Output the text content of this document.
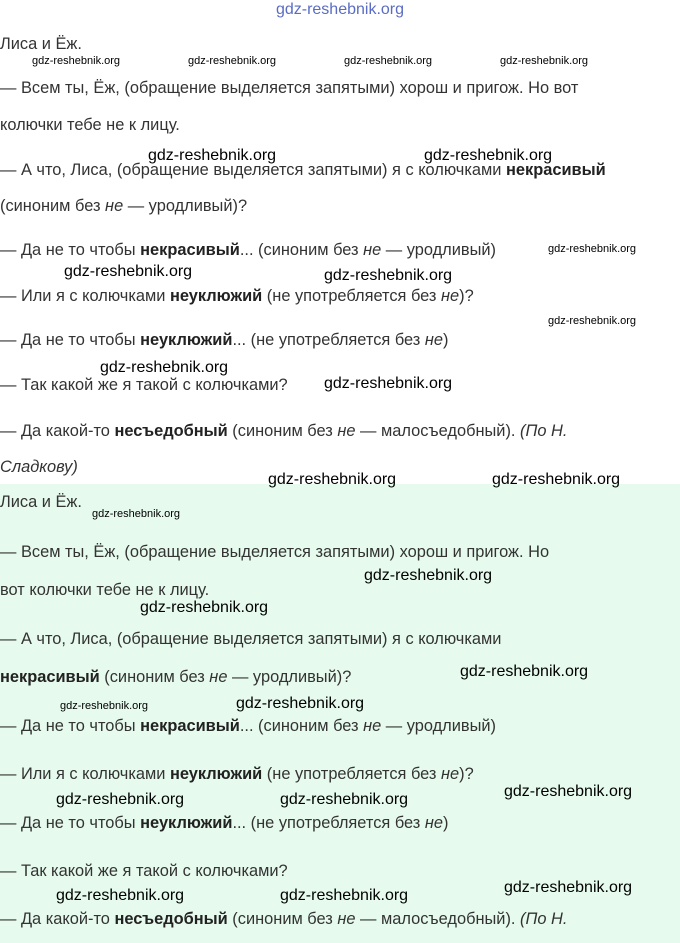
gdz-reshebnik.org
Лиса и Ёж.
— Всем ты, Ёж, (обращение выделяется запятыми) хорош и пригож. Но вот
колючки тебе не к лицу.
— А что, Лиса, (обращение выделяется запятыми) я с колючками некрасивый
(синоним без не — уродливый)?
— Да не то чтобы некрасивый... (синоним без не — уродливый)
— Или я с колючками неуклюжий (не употребляется без не)?
— Да не то чтобы неуклюжий... (не употребляется без не)
— Так какой же я такой с колючками?
— Да какой-то несъедобный (синоним без не — малосъедобный). (По Н.
Сладкову)
Лиса и Ёж.
— Всем ты, Ёж, (обращение выделяется запятыми) хорош и пригож. Но
вот колючки тебе не к лицу.
— А что, Лиса, (обращение выделяется запятыми) я с колючками
некрасивый (синоним без не — уродливый)?
— Да не то чтобы некрасивый... (синоним без не — уродливый)
— Или я с колючками неуклюжий (не употребляется без не)?
— Да не то чтобы неуклюжий... (не употребляется без не)
— Так какой же я такой с колючками?
— Да какой-то несъедобный (синоним без не — малосъедобный). (По Н.
gdz-reshebnik.org	gdz-reshebnik.org	gdz-reshebnik.org	gdz-reshebnik.org
gdz-reshebnik.org	gdz-reshebnik.org
gdz-reshebnik.org
gdz-reshebnik.org	gdz-reshebnik.org
gdz-reshebnik.org
gdz-reshebnik.org
gdz-reshebnik.org
gdz-reshebnik.org	gdz-reshebnik.org
gdz-reshebnik.org
gdz-reshebnik.org
gdz-reshebnik.org
gdz-reshebnik.org
gdz-reshebnik.org
gdz-reshebnik.org
gdz-reshebnik.org
gdz-reshebnik.org	gdz-reshebnik.org
gdz-reshebnik.org
gdz-reshebnik.org	gdz-reshebnik.org
